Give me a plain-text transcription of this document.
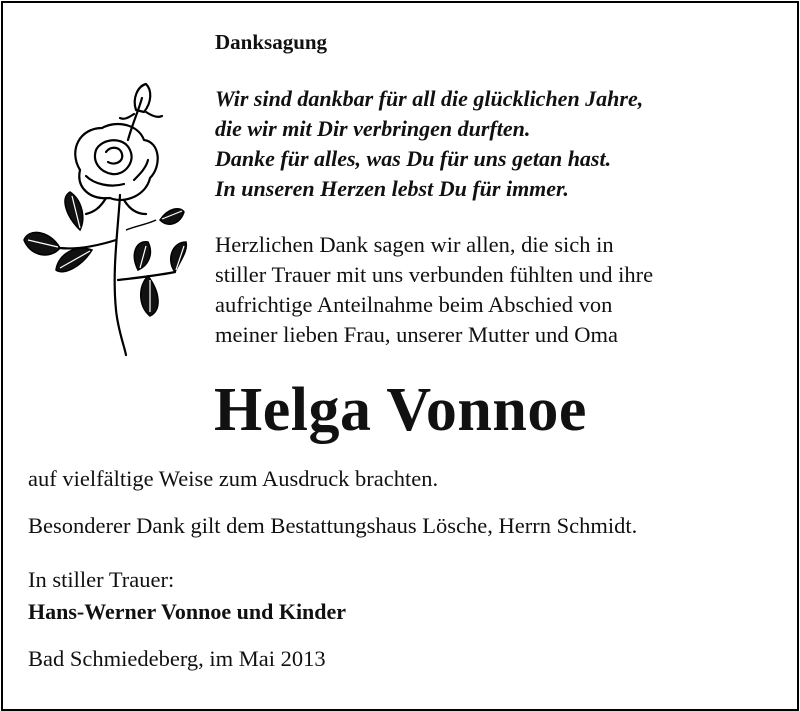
Danksagung
Wir sind dankbar für all die glücklichen Jahre,
die wir mit Dir verbringen durften.
Danke für alles, was Du für uns getan hast.
In unseren Herzen lebst Du für immer.
Herzlichen Dank sagen wir allen, die sich in
stiller Trauer mit uns verbunden fühlten und ihre
aufrichtige Anteilnahme beim Abschied von
meiner lieben Frau, unserer Mutter und Oma
Helga Vonnoe
auf vielfältige Weise zum Ausdruck brachten.
Besonderer Dank gilt dem Bestattungshaus Lösche, Herrn Schmidt.
In stiller Trauer:
Hans-Werner Vonnoe und Kinder
Bad Schmiedeberg, im Mai 2013
